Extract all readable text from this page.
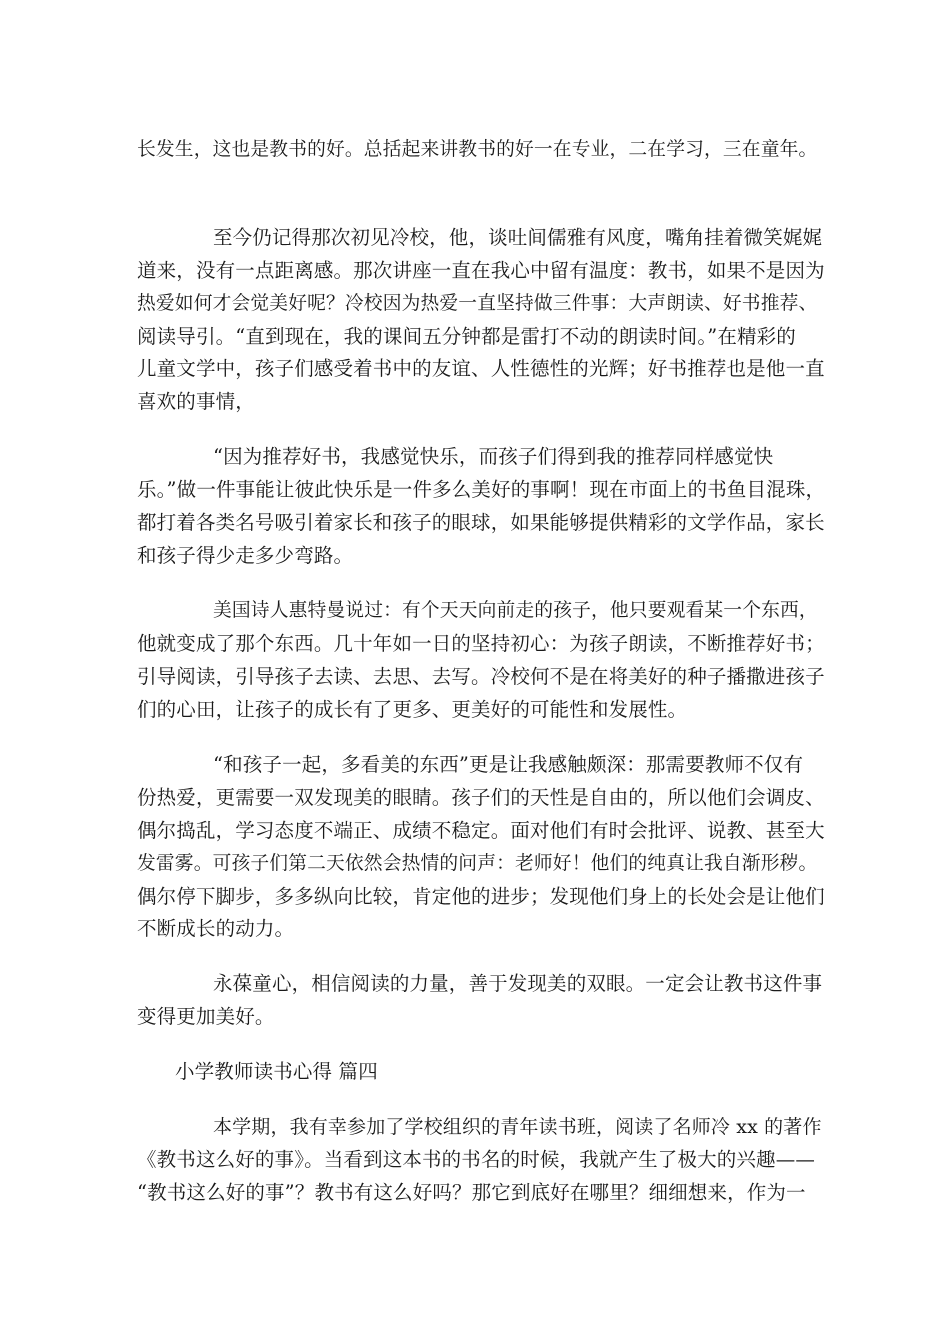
长发生，这也是教书的好。总括起来讲教书的好一在专业，二在学习，三在童年。
至今仍记得那次初见冷校，他，谈吐间儒雅有风度，嘴角挂着微笑娓娓
道来，没有一点距离感。那次讲座一直在我心中留有温度：教书，如果不是因为
热爱如何才会觉美好呢？冷校因为热爱一直坚持做三件事：大声朗读、好书推荐、
阅读导引。“直到现在，我的课间五分钟都是雷打不动的朗读时间。”在精彩的
儿童文学中，孩子们感受着书中的友谊、人性德性的光辉；好书推荐也是他一直
喜欢的事情，
“因为推荐好书，我感觉快乐，而孩子们得到我的推荐同样感觉快
乐。”做一件事能让彼此快乐是一件多么美好的事啊！现在市面上的书鱼目混珠，
都打着各类名号吸引着家长和孩子的眼球，如果能够提供精彩的文学作品，家长
和孩子得少走多少弯路。
美国诗人惠特曼说过：有个天天向前走的孩子，他只要观看某一个东西，
他就变成了那个东西。几十年如一日的坚持初心：为孩子朗读，不断推荐好书；
引导阅读，引导孩子去读、去思、去写。冷校何不是在将美好的种子播撒进孩子
们的心田，让孩子的成长有了更多、更美好的可能性和发展性。
“和孩子一起，多看美的东西”更是让我感触颇深：那需要教师不仅有
份热爱，更需要一双发现美的眼睛。孩子们的天性是自由的，所以他们会调皮、
偶尔捣乱，学习态度不端正、成绩不稳定。面对他们有时会批评、说教、甚至大
发雷雾。可孩子们第二天依然会热情的问声：老师好！他们的纯真让我自渐形秽。
偶尔停下脚步，多多纵向比较，肯定他的进步；发现他们身上的长处会是让他们
不断成长的动力。
永葆童心，相信阅读的力量，善于发现美的双眼。一定会让教书这件事
变得更加美好。
小学教师读书心得 篇四
本学期，我有幸参加了学校组织的青年读书班，阅读了名师冷 xx 的著作
《教书这么好的事》。当看到这本书的书名的时候，我就产生了极大的兴趣——
“教书这么好的事”？教书有这么好吗？那它到底好在哪里？细细想来，作为一
